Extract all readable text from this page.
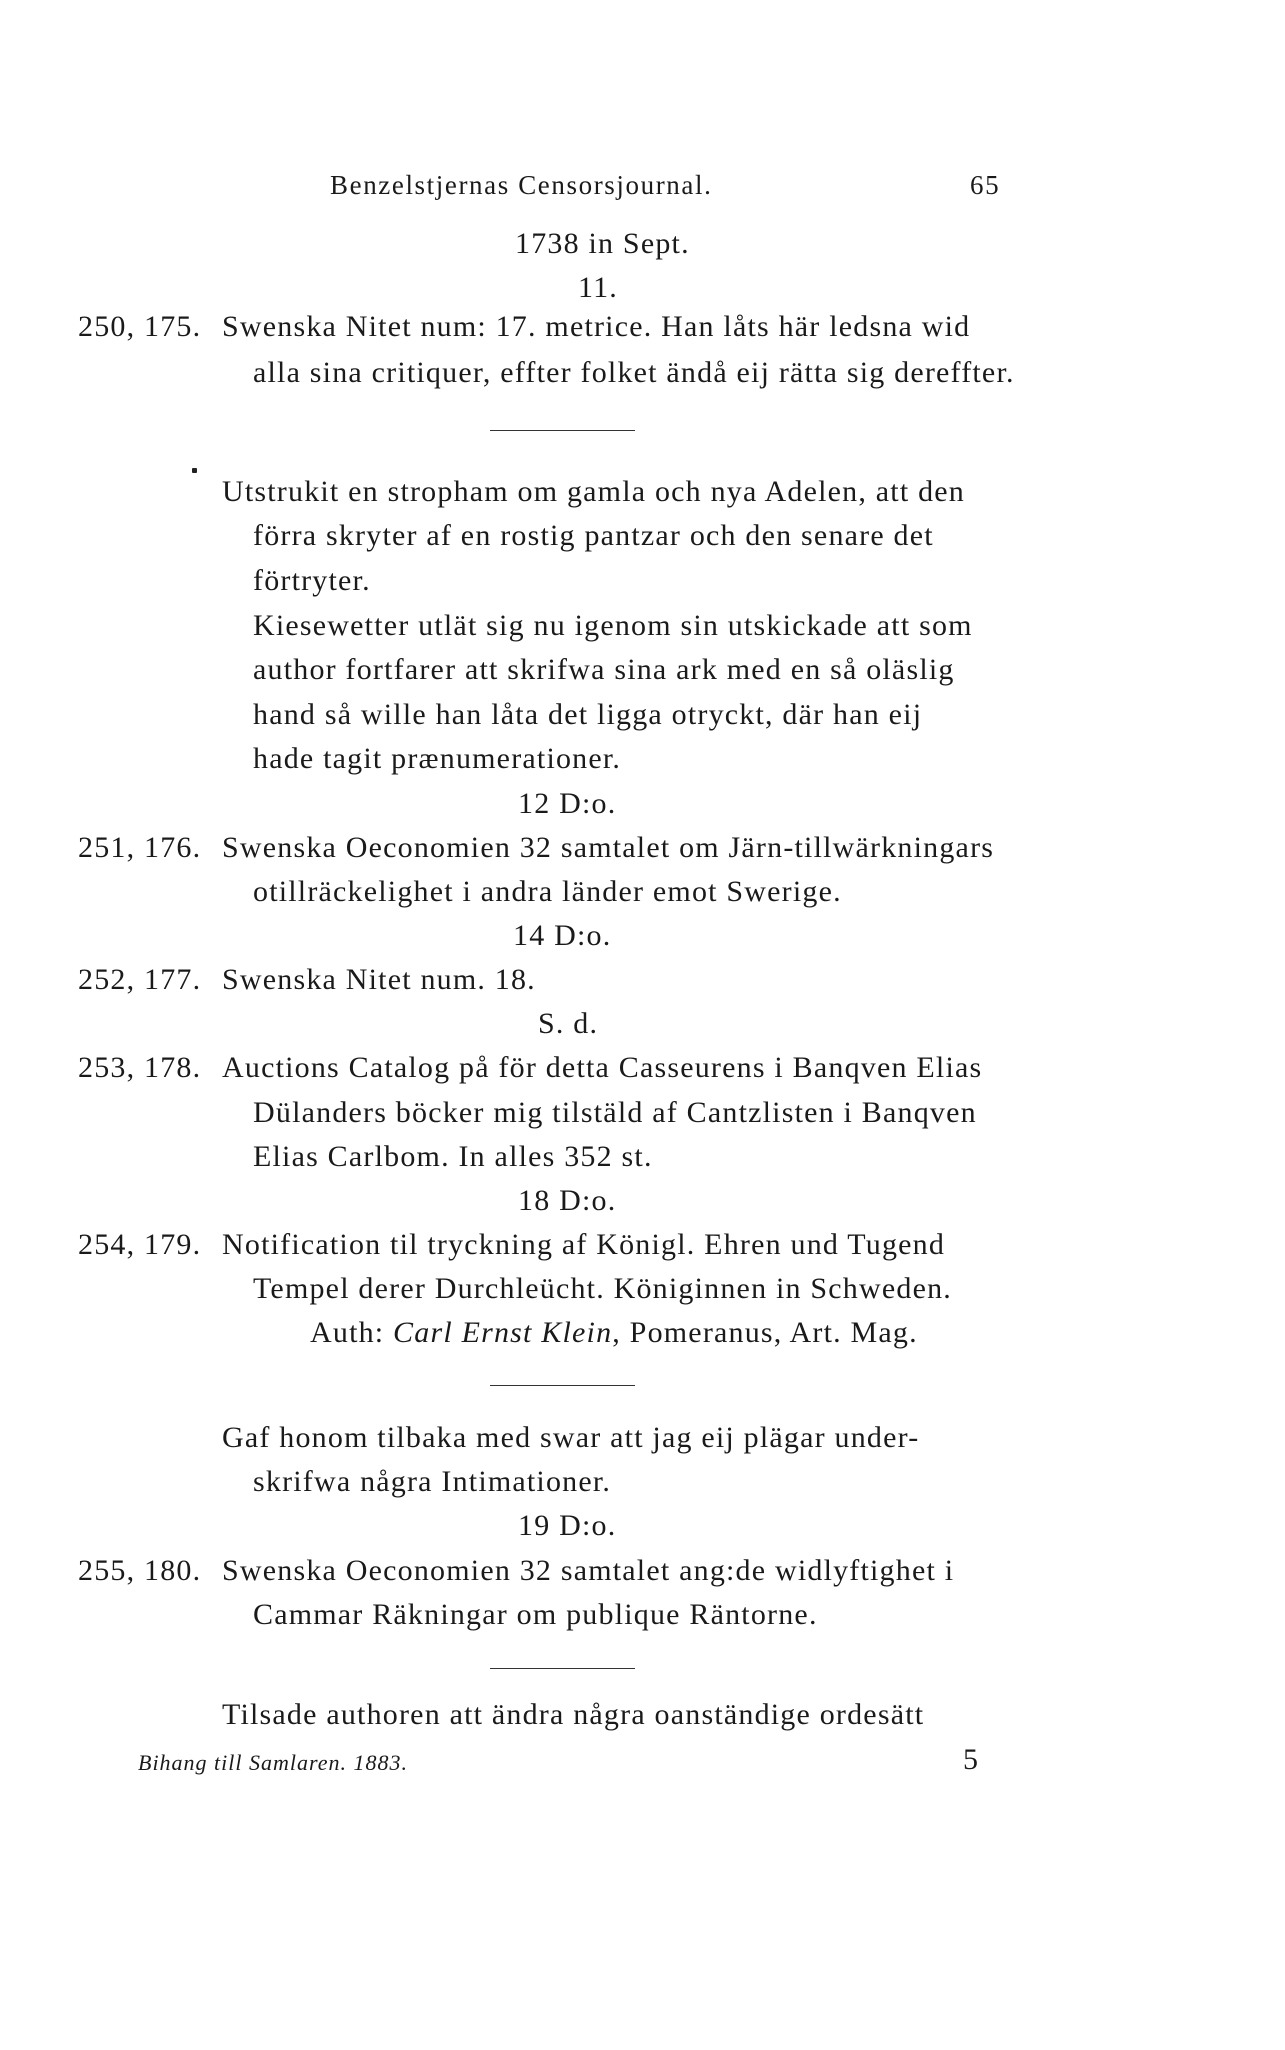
Benzelstjernas Censorsjournal.	65
1738 in Sept.
11.
250, 175. Swenska Nitet num: 17. metrice. Han låts här ledsna wid
alla sina critiquer, effter folket ändå eij rätta sig dereffter.
Utstrukit en stropham om gamla och nya Adelen, att den
förra skryter af en rostig pantzar och den senare det
förtryter.
Kiesewetter utlät sig nu igenom sin utskickade att som
author fortfarer att skrifwa sina ark med en så oläslig
hand så wille han låta det ligga otryckt, där han eij
hade tagit prænumerationer.
12 D:o.
251, 176. Swenska Oeconomien 32 samtalet om Järn-tillwärkningars
otillräckelighet i andra länder emot Swerige.
14 D:o.
252, 177. Swenska Nitet num. 18.
S. d.
253, 178. Auctions Catalog på för detta Casseurens i Banqven Elias
Dülanders böcker mig tilstäld af Cantzlisten i Banqven
Elias Carlbom. In alles 352 st.
18 D:o.
254, 179. Notification til tryckning af Königl. Ehren und Tugend
Tempel derer Durchleücht. Königinnen in Schweden.
Auth: Carl Ernst Klein, Pomeranus, Art. Mag.
Gaf honom tilbaka med swar att jag eij plägar under-
skrifwa några Intimationer.
19 D:o.
255, 180. Swenska Oeconomien 32 samtalet ang:de widlyftighet i
Cammar Räkningar om publique Räntorne.
Tilsade authoren att ändra några oanständige ordesätt
Bihang till Samlaren. 1883.	5
